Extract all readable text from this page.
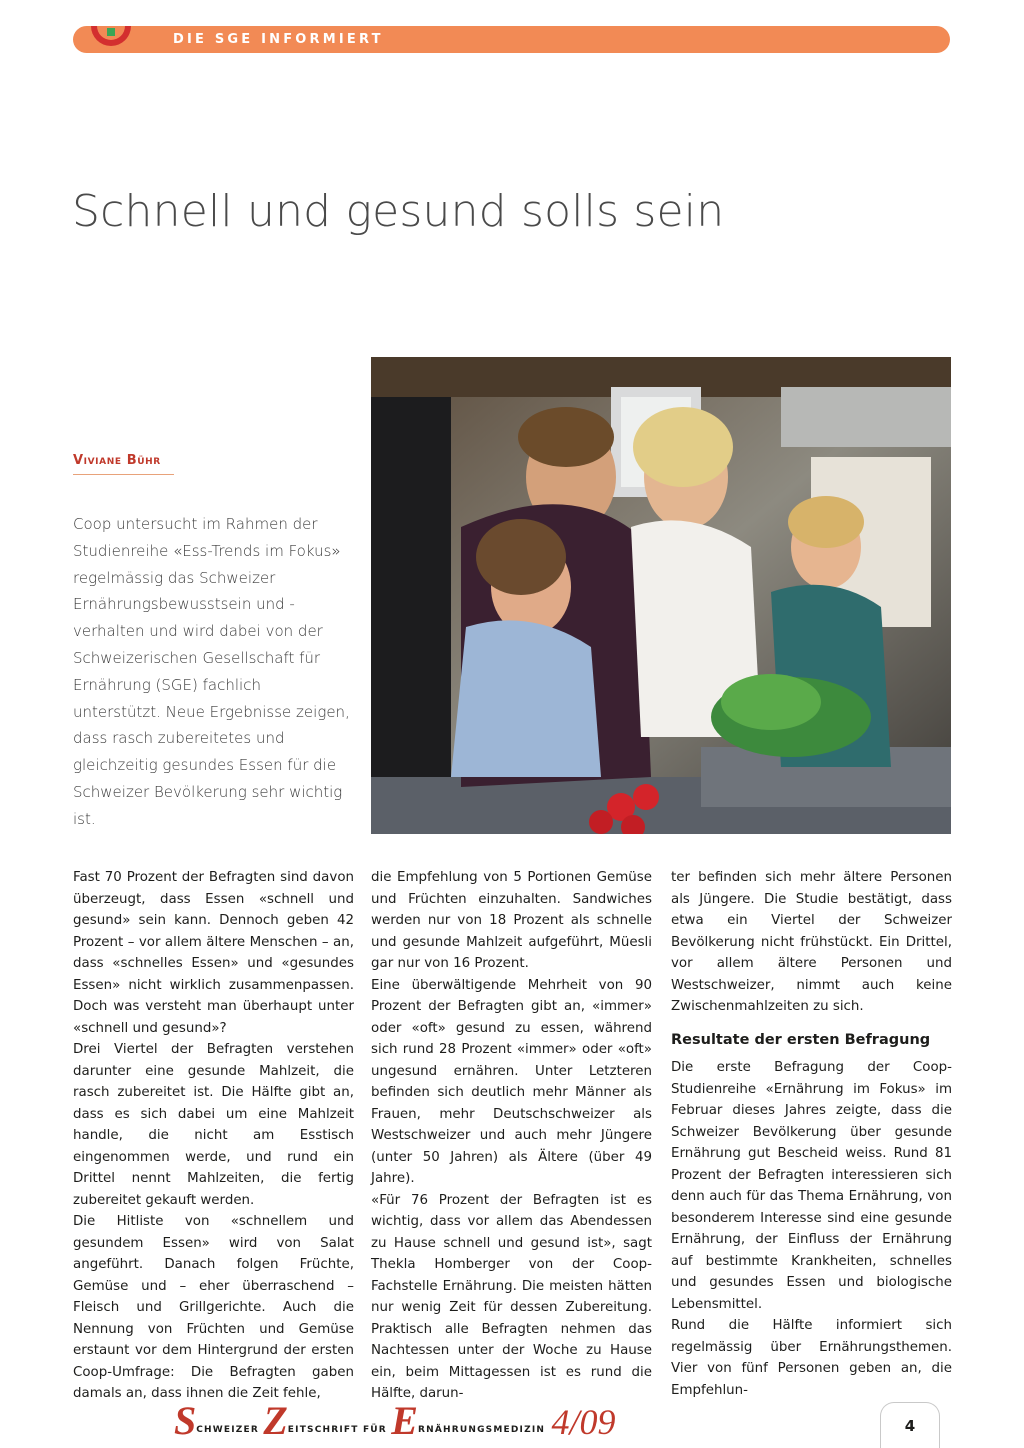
DIE SGE INFORMIERT
Schnell und gesund solls sein
Viviane Bühr
Coop untersucht im Rahmen der Studienreihe «Ess-Trends im Fokus» regelmässig das Schweizer Ernährungsbewusstsein und -verhalten und wird dabei von der Schweizerischen Gesellschaft für Ernährung (SGE) fachlich unterstützt. Neue Ergebnisse zeigen, dass rasch zubereitetes und gleichzeitig gesundes Essen für die Schweizer Bevölkerung sehr wichtig ist.

Fast 70 Prozent der Befragten sind davon überzeugt, dass Essen «schnell und gesund» sein kann. Dennoch geben 42 Prozent – vor allem ältere Menschen – an, dass «schnelles Essen» und «gesundes Essen» nicht wirklich zusammenpassen. Doch was versteht man überhaupt unter «schnell und gesund»?

Drei Viertel der Befragten verstehen darunter eine gesunde Mahlzeit, die rasch zubereitet ist. Die Hälfte gibt an, dass es sich dabei um eine Mahlzeit handle, die nicht am Esstisch eingenommen werde, und rund ein Drittel nennt Mahlzeiten, die fertig zubereitet gekauft werden.

Die Hitliste von «schnellem und gesundem Essen» wird von Salat angeführt. Danach folgen Früchte, Gemüse und – eher überraschend – Fleisch und Grillgerichte. Auch die Nennung von Früchten und Gemüse erstaunt vor dem Hintergrund der ersten Coop-Umfrage: Die Befragten gaben damals an, dass ihnen die Zeit fehle,

die Empfehlung von 5 Portionen Gemüse und Früchten einzuhalten. Sandwiches werden nur von 18 Prozent als schnelle und gesunde Mahlzeit aufgeführt, Müesli gar nur von 16 Prozent.

Eine überwältigende Mehrheit von 90 Prozent der Befragten gibt an, «immer» oder «oft» gesund zu essen, während sich rund 28 Prozent «immer» oder «oft» ungesund ernähren. Unter Letzteren befinden sich deutlich mehr Männer als Frauen, mehr Deutschschweizer als Westschweizer und auch mehr Jüngere (unter 50 Jahren) als Ältere (über 49 Jahre).

«Für 76 Prozent der Befragten ist es wichtig, dass vor allem das Abendessen zu Hause schnell und gesund ist», sagt Thekla Homberger von der Coop-Fachstelle Ernährung. Die meisten hätten nur wenig Zeit für dessen Zubereitung. Praktisch alle Befragten nehmen das Nachtessen unter der Woche zu Hause ein, beim Mittagessen ist es rund die Hälfte, darun-

ter befinden sich mehr ältere Personen als Jüngere. Die Studie bestätigt, dass etwa ein Viertel der Schweizer Bevölkerung nicht frühstückt. Ein Drittel, vor allem ältere Personen und Westschweizer, nimmt auch keine Zwischenmahlzeiten zu sich.

Resultate der ersten Befragung

Die erste Befragung der Coop-Studienreihe «Ernährung im Fokus» im Februar dieses Jahres zeigte, dass die Schweizer Bevölkerung über gesunde Ernährung gut Bescheid weiss. Rund 81 Prozent der Befragten interessieren sich denn auch für das Thema Ernährung, von besonderem Interesse sind eine gesunde Ernährung, der Einfluss der Ernährung auf bestimmte Krankheiten, schnelles und gesundes Essen und biologische Lebensmittel.

Rund die Hälfte informiert sich regelmässig über Ernährungsthemen. Vier von fünf Personen geben an, die Empfehlun-

SCHWEIZER ZEITSCHRIFT FÜR ERNÄHRUNGSMEDIZIN 4/09	4
